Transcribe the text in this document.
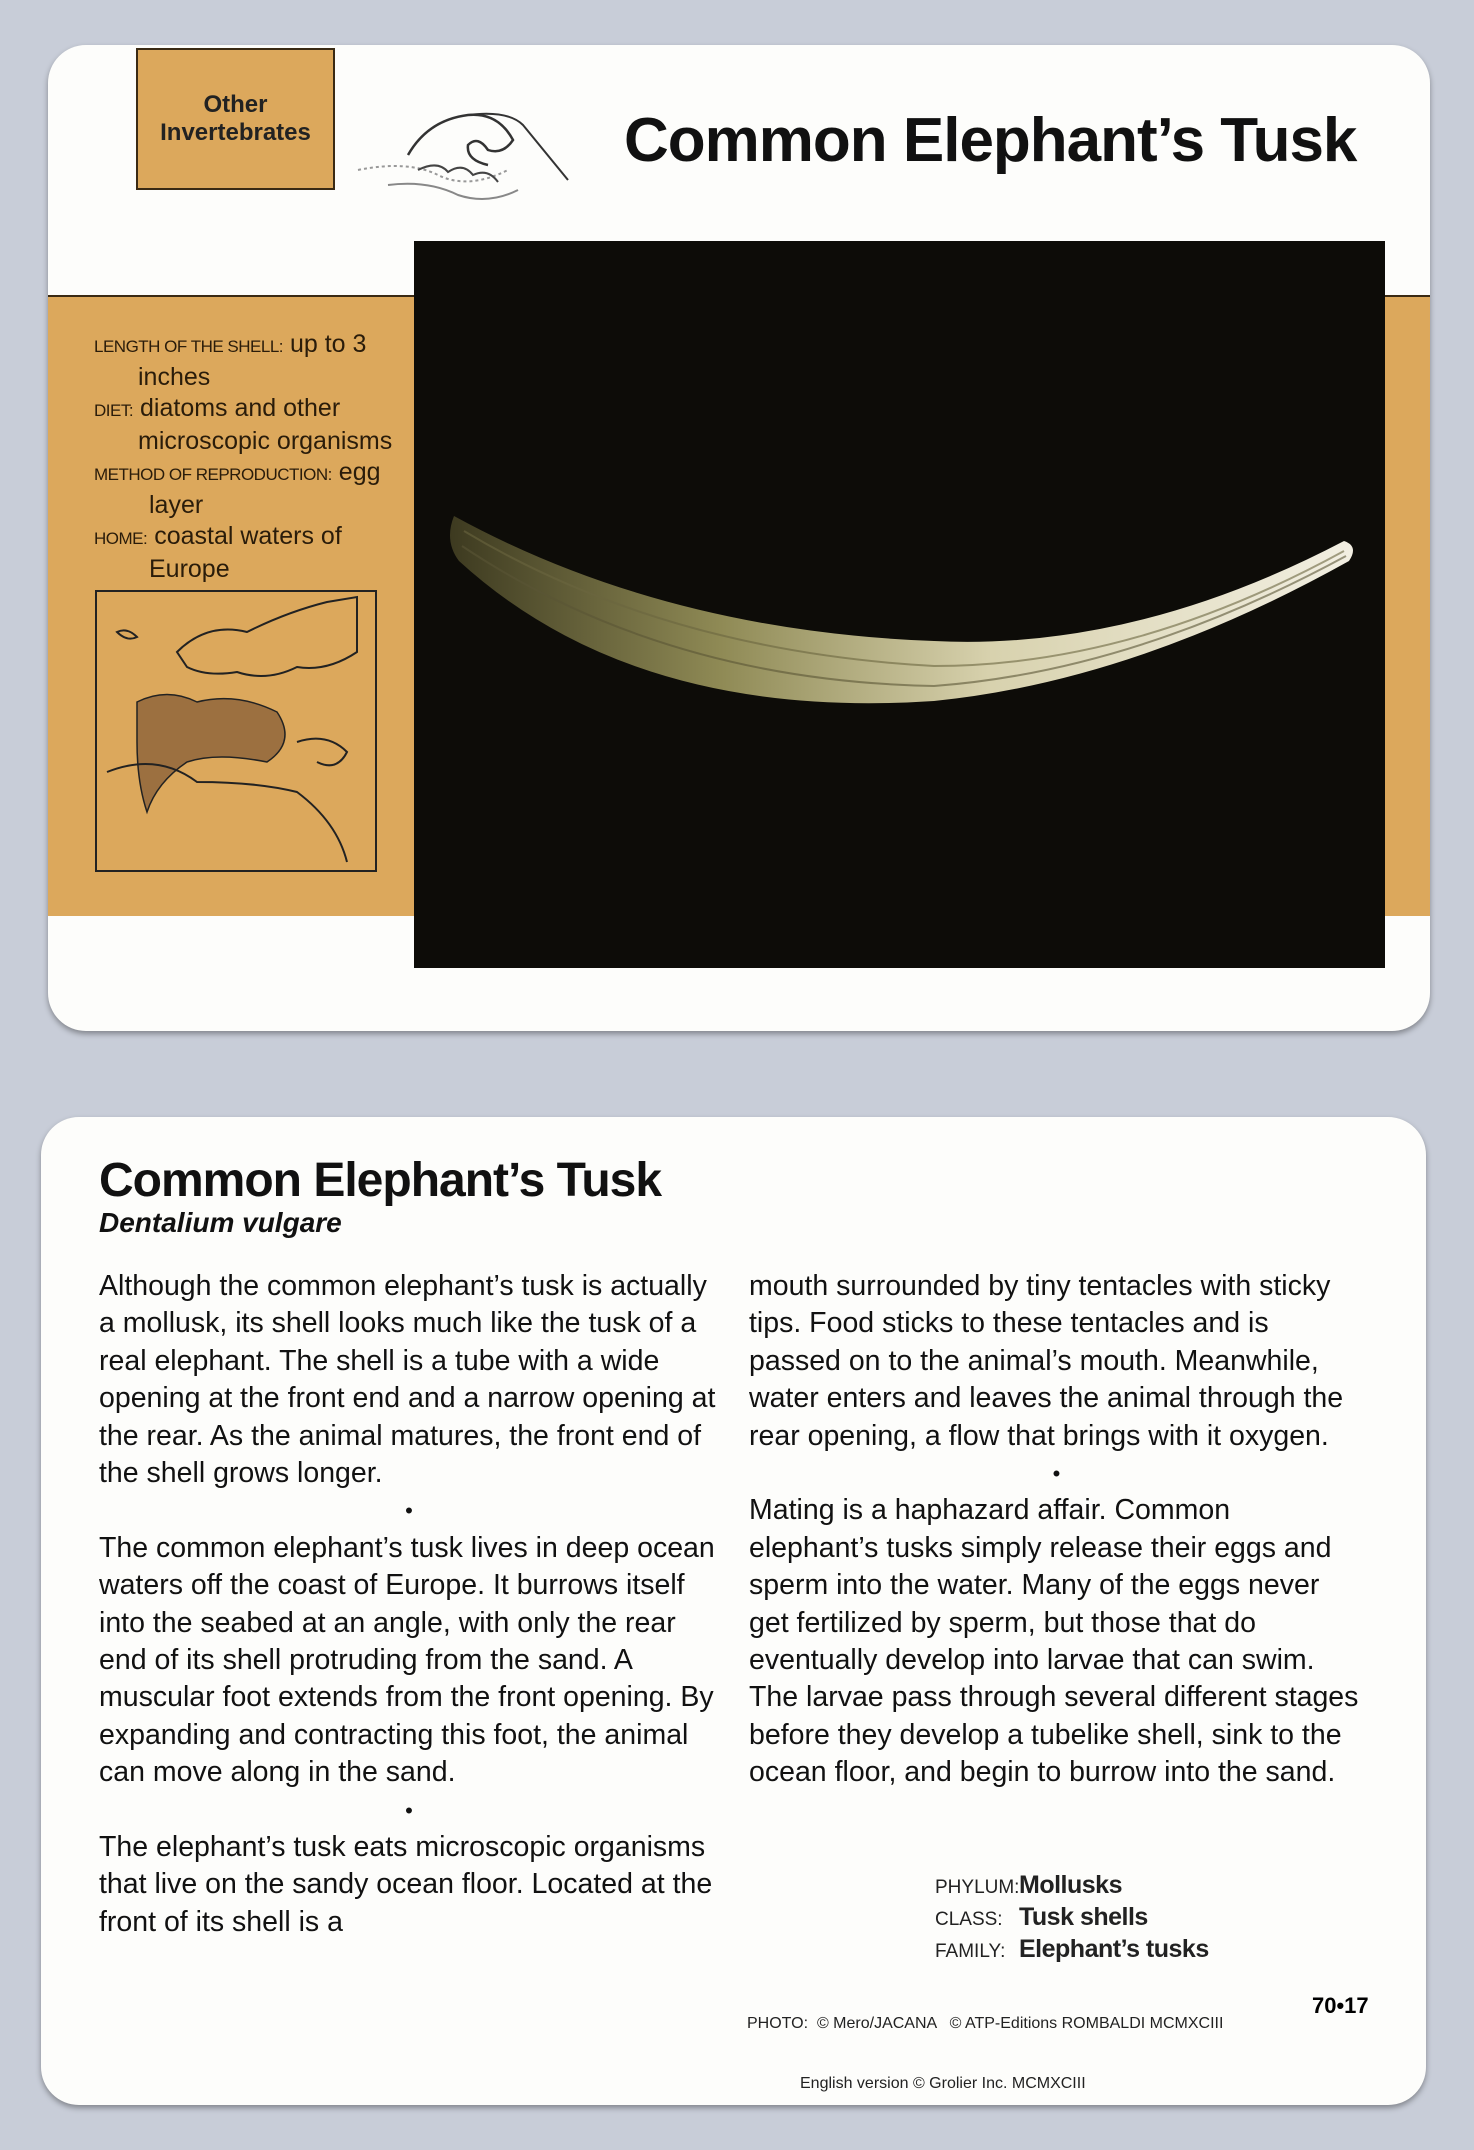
Other Invertebrates	Common Elephant’s Tusk
LENGTH OF THE SHELL: up to 3
inches
DIET: diatoms and other
microscopic organisms
METHOD OF REPRODUCTION: egg
layer
HOME: coastal waters of
Europe
Common Elephant’s Tusk
Dentalium vulgare

Although the common elephant’s tusk is actually a mollusk, its shell looks much like the tusk of a real elephant. The shell is a tube with a wide opening at the front end and a narrow opening at the rear. As the animal matures, the front end of the shell grows longer.

•

The common elephant’s tusk lives in deep ocean waters off the coast of Europe. It burrows itself into the seabed at an angle, with only the rear end of its shell protruding from the sand. A muscular foot extends from the front opening. By expanding and contracting this foot, the animal can move along in the sand.

•

The elephant’s tusk eats microscopic organisms that live on the sandy ocean floor. Located at the front of its shell is a

mouth surrounded by tiny tentacles with sticky tips. Food sticks to these tentacles and is passed on to the animal’s mouth. Meanwhile, water enters and leaves the animal through the rear opening, a flow that brings with it oxygen.

•

Mating is a haphazard affair. Common elephant’s tusks simply release their eggs and sperm into the water. Many of the eggs never get fertilized by sperm, but those that do eventually develop into larvae that can swim. The larvae pass through several different stages before they develop a tubelike shell, sink to the ocean floor, and begin to burrow into the sand.

PHYLUM:Mollusks
CLASS: Tusk shells
FAMILY: Elephant’s tusks

PHOTO:  © Mero/JACANA   © ATP-Editions ROMBALDI MCMXCIII

English version © Grolier Inc. MCMXCIII

70•17
